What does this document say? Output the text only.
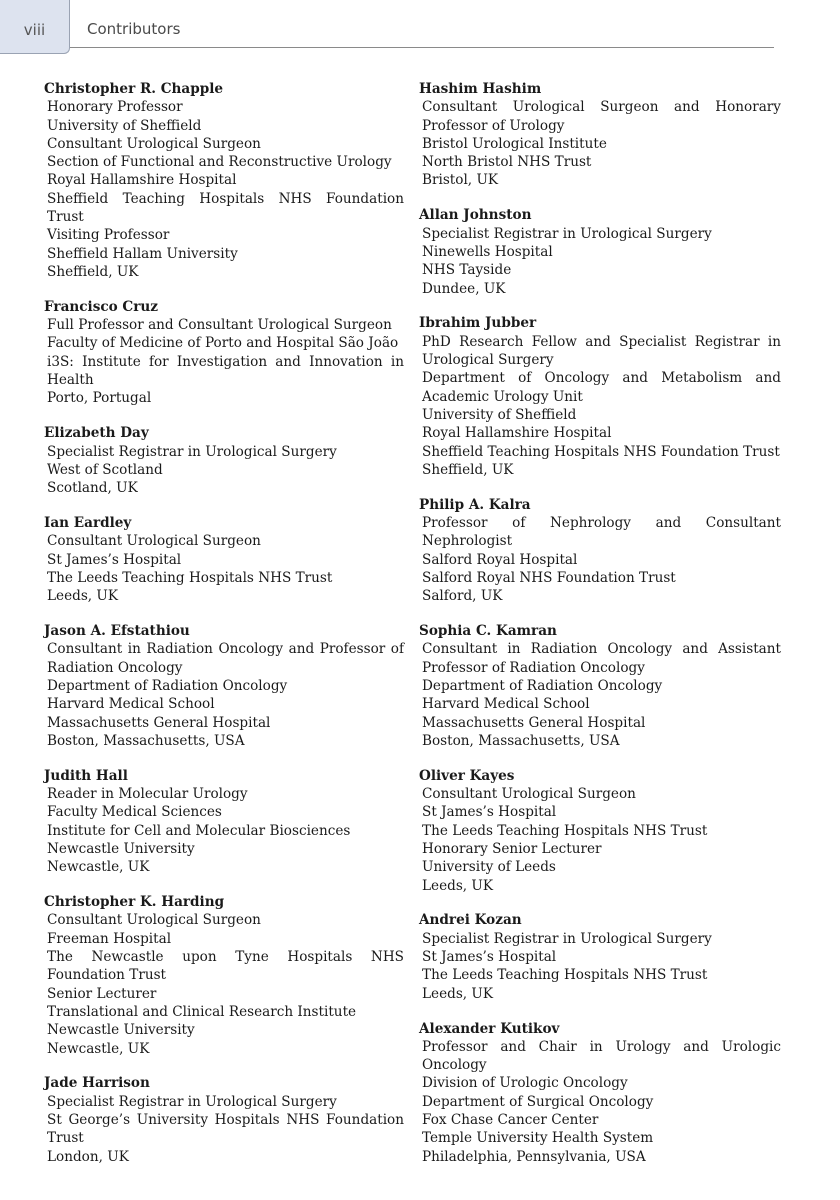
viii	Contributors
Christopher R. Chapple
Honorary Professor
University of Sheffield
Consultant Urological Surgeon
Section of Functional and Reconstructive Urology
Royal Hallamshire Hospital
Sheffield Teaching Hospitals NHS Foundation Trust
Visiting Professor
Sheffield Hallam University
Sheffield, UK
Francisco Cruz
Full Professor and Consultant Urological Surgeon
Faculty of Medicine of Porto and Hospital São João
i3S: Institute for Investigation and Innovation in Health
Porto, Portugal
Elizabeth Day
Specialist Registrar in Urological Surgery
West of Scotland
Scotland, UK
Ian Eardley
Consultant Urological Surgeon
St James’s Hospital
The Leeds Teaching Hospitals NHS Trust
Leeds, UK
Jason A. Efstathiou
Consultant in Radiation Oncology and Professor of Radiation Oncology
Department of Radiation Oncology
Harvard Medical School
Massachusetts General Hospital
Boston, Massachusetts, USA
Judith Hall
Reader in Molecular Urology
Faculty Medical Sciences
Institute for Cell and Molecular Biosciences
Newcastle University
Newcastle, UK
Christopher K. Harding
Consultant Urological Surgeon
Freeman Hospital
The Newcastle upon Tyne Hospitals NHS Foundation Trust
Senior Lecturer
Translational and Clinical Research Institute
Newcastle University
Newcastle, UK
Jade Harrison
Specialist Registrar in Urological Surgery
St George’s University Hospitals NHS Foundation Trust
London, UK
Hashim Hashim
Consultant Urological Surgeon and Honorary Professor of Urology
Bristol Urological Institute
North Bristol NHS Trust
Bristol, UK
Allan Johnston
Specialist Registrar in Urological Surgery
Ninewells Hospital
NHS Tayside
Dundee, UK
Ibrahim Jubber
PhD Research Fellow and Specialist Registrar in Urological Surgery
Department of Oncology and Metabolism and Academic Urology Unit
University of Sheffield
Royal Hallamshire Hospital
Sheffield Teaching Hospitals NHS Foundation Trust
Sheffield, UK
Philip A. Kalra
Professor of Nephrology and Consultant Nephrologist
Salford Royal Hospital
Salford Royal NHS Foundation Trust
Salford, UK
Sophia C. Kamran
Consultant in Radiation Oncology and Assistant Professor of Radiation Oncology
Department of Radiation Oncology
Harvard Medical School
Massachusetts General Hospital
Boston, Massachusetts, USA
Oliver Kayes
Consultant Urological Surgeon
St James’s Hospital
The Leeds Teaching Hospitals NHS Trust
Honorary Senior Lecturer
University of Leeds
Leeds, UK
Andrei Kozan
Specialist Registrar in Urological Surgery
St James’s Hospital
The Leeds Teaching Hospitals NHS Trust
Leeds, UK
Alexander Kutikov
Professor and Chair in Urology and Urologic Oncology
Division of Urologic Oncology
Department of Surgical Oncology
Fox Chase Cancer Center
Temple University Health System
Philadelphia, Pennsylvania, USA
